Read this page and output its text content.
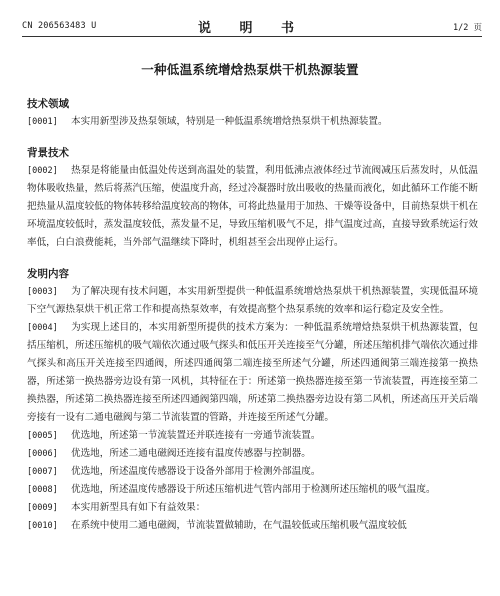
CN 206563483 U	说 明 书	1/2 页
一种低温系统增焓热泵烘干机热源装置
技术领域

[0001] 本实用新型涉及热泵领域，特别是一种低温系统增焓热泵烘干机热源装置。

背景技术

[0002] 热泵是将能量由低温处传送到高温处的装置，利用低沸点液体经过节流阀减压后蒸发时，从低温物体吸收热量，然后将蒸汽压缩，使温度升高，经过冷凝器时放出吸收的热量而液化，如此循环工作能不断把热量从温度较低的物体转移给温度较高的物体，可将此热量用于加热、干燥等设备中，目前热泵烘干机在环境温度较低时，蒸发温度较低，蒸发量不足，导致压缩机吸气不足，排气温度过高，直接导致系统运行效率低，白白浪费能耗，当外部气温继续下降时，机组甚至会出现停止运行。

发明内容

[0003] 为了解决现有技术问题，本实用新型提供一种低温系统增焓热泵烘干机热源装置，实现低温环境下空气源热泵烘干机正常工作和提高热泵效率，有效提高整个热泵系统的效率和运行稳定及安全性。

[0004] 为实现上述目的，本实用新型所提供的技术方案为：一种低温系统增焓热泵烘干机热源装置，包括压缩机，所述压缩机的吸气端依次通过吸气探头和低压开关连接至气分罐，所述压缩机排气端依次通过排气探头和高压开关连接至四通阀，所述四通阀第二端连接至所述气分罐，所述四通阀第三端连接第一换热器，所述第一换热器旁边设有第一风机，其特征在于：所述第一换热器连接至第一节流装置，再连接至第二换热器，所述第二换热器连接至所述四通阀第四端，所述第二换热器旁边设有第二风机，所述高压开关后端旁接有一设有二通电磁阀与第二节流装置的管路，并连接至所述气分罐。

[0005] 优选地，所述第一节流装置还并联连接有一旁通节流装置。

[0006] 优选地，所述二通电磁阀还连接有温度传感器与控制器。

[0007] 优选地，所述温度传感器设于设备外部用于检测外部温度。

[0008] 优选地，所述温度传感器设于所述压缩机进气管内部用于检测所述压缩机的吸气温度。

[0009] 本实用新型具有如下有益效果：

[0010] 在系统中使用二通电磁阀，节流装置做辅助，在气温较低或压缩机吸气温度较低
